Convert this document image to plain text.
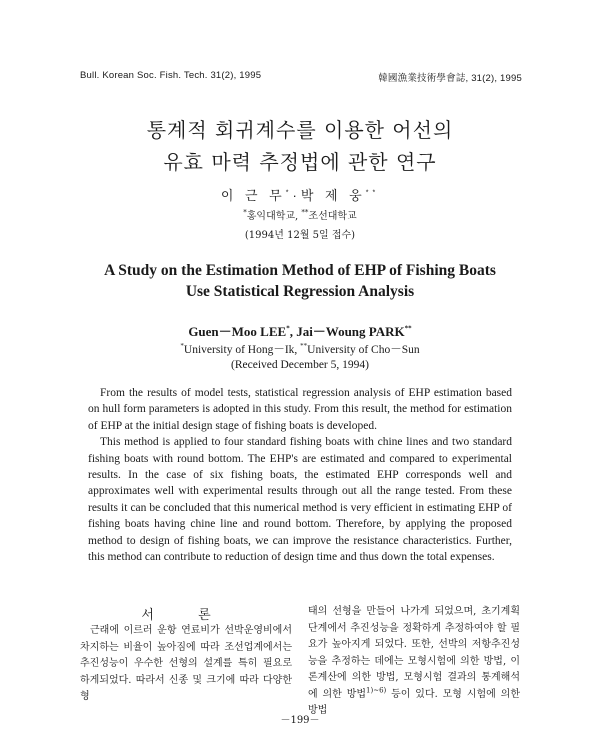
Bull. Korean Soc. Fish. Tech. 31(2), 1995	韓國漁業技術學會誌, 31(2), 1995
통계적 회귀계수를 이용한 어선의
유효 마력 추정법에 관한 연구
이 근 무*·박 제 웅**
*홍익대학교, **조선대학교
(1994년 12월 5일 접수)
A Study on the Estimation Method of EHP of Fishing Boats
Use Statistical Regression Analysis
Guen－Moo LEE*, Jai－Woung PARK**
*University of Hong－Ik, **University of Cho－Sun
(Received December 5, 1994)

From the results of model tests, statistical regression analysis of EHP estimation based on hull form parameters is adopted in this study. From this result, the method for estimation of EHP at the initial design stage of fishing boats is developed.

This method is applied to four standard fishing boats with chine lines and two standard fishing boats with round bottom. The EHP's are estimated and compared to experimental results. In the case of six fishing boats, the estimated EHP corresponds well and approximates well with experimental results through out all the range tested. From these results it can be concluded that this numerical method is very efficient in estimating EHP of fishing boats having chine line and round bottom. Therefore, by applying the proposed method to design of fishing boats, we can improve the resistance characteristics. Further, this method can contribute to reduction of design time and thus down the total expenses.

서 론

근래에 이르러 운항 연료비가 선박운영비에서 차지하는 비율이 높아짐에 따라 조선업계에서는 추진성능이 우수한 선형의 설계를 특히 필요로 하게되었다. 따라서 신종 및 크기에 따라 다양한 형

태의 선형을 만들어 나가게 되었으며, 초기계획 단계에서 추진성능을 정확하게 추정하여야 할 필요가 높아지게 되었다. 또한, 선박의 저항추진성능을 추정하는 데에는 모형시험에 의한 방법, 이론계산에 의한 방법, 모형시험 결과의 통계해석에 의한 방법$^{1)\sim 6)}$ 등이 있다. 모형 시험에 의한 방법

－199－
